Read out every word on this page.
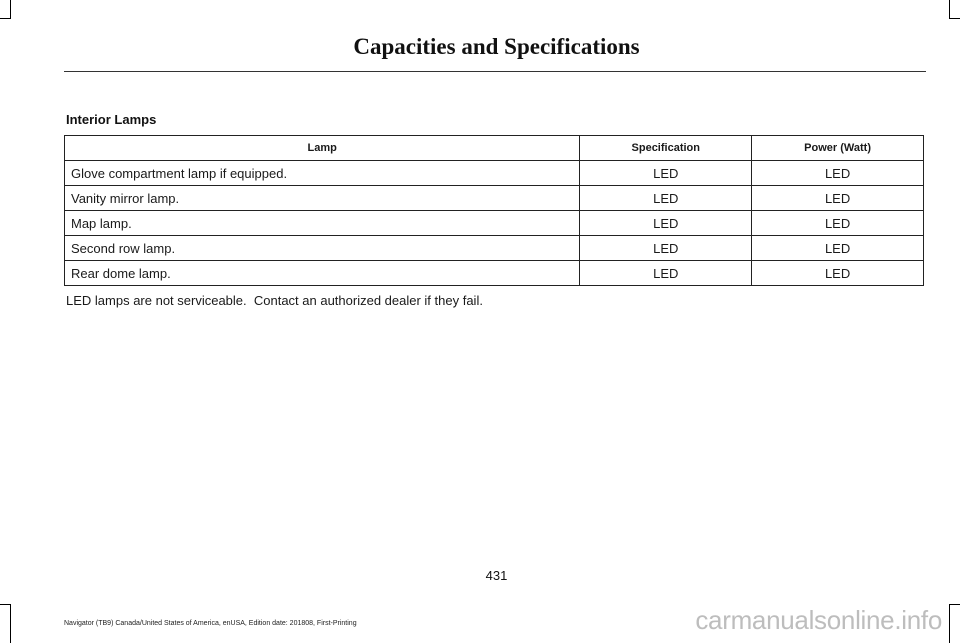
Capacities and Specifications
Interior Lamps
Lamp	Specification	Power (Watt)
Glove compartment lamp if equipped.	LED	LED
Vanity mirror lamp.	LED	LED
Map lamp.	LED	LED
Second row lamp.	LED	LED
Rear dome lamp.	LED	LED
LED lamps are not serviceable.  Contact an authorized dealer if they fail.
431
Navigator (TB9) Canada/United States of America, enUSA, Edition date: 201808, First-Printing	carmanualsonline.info
